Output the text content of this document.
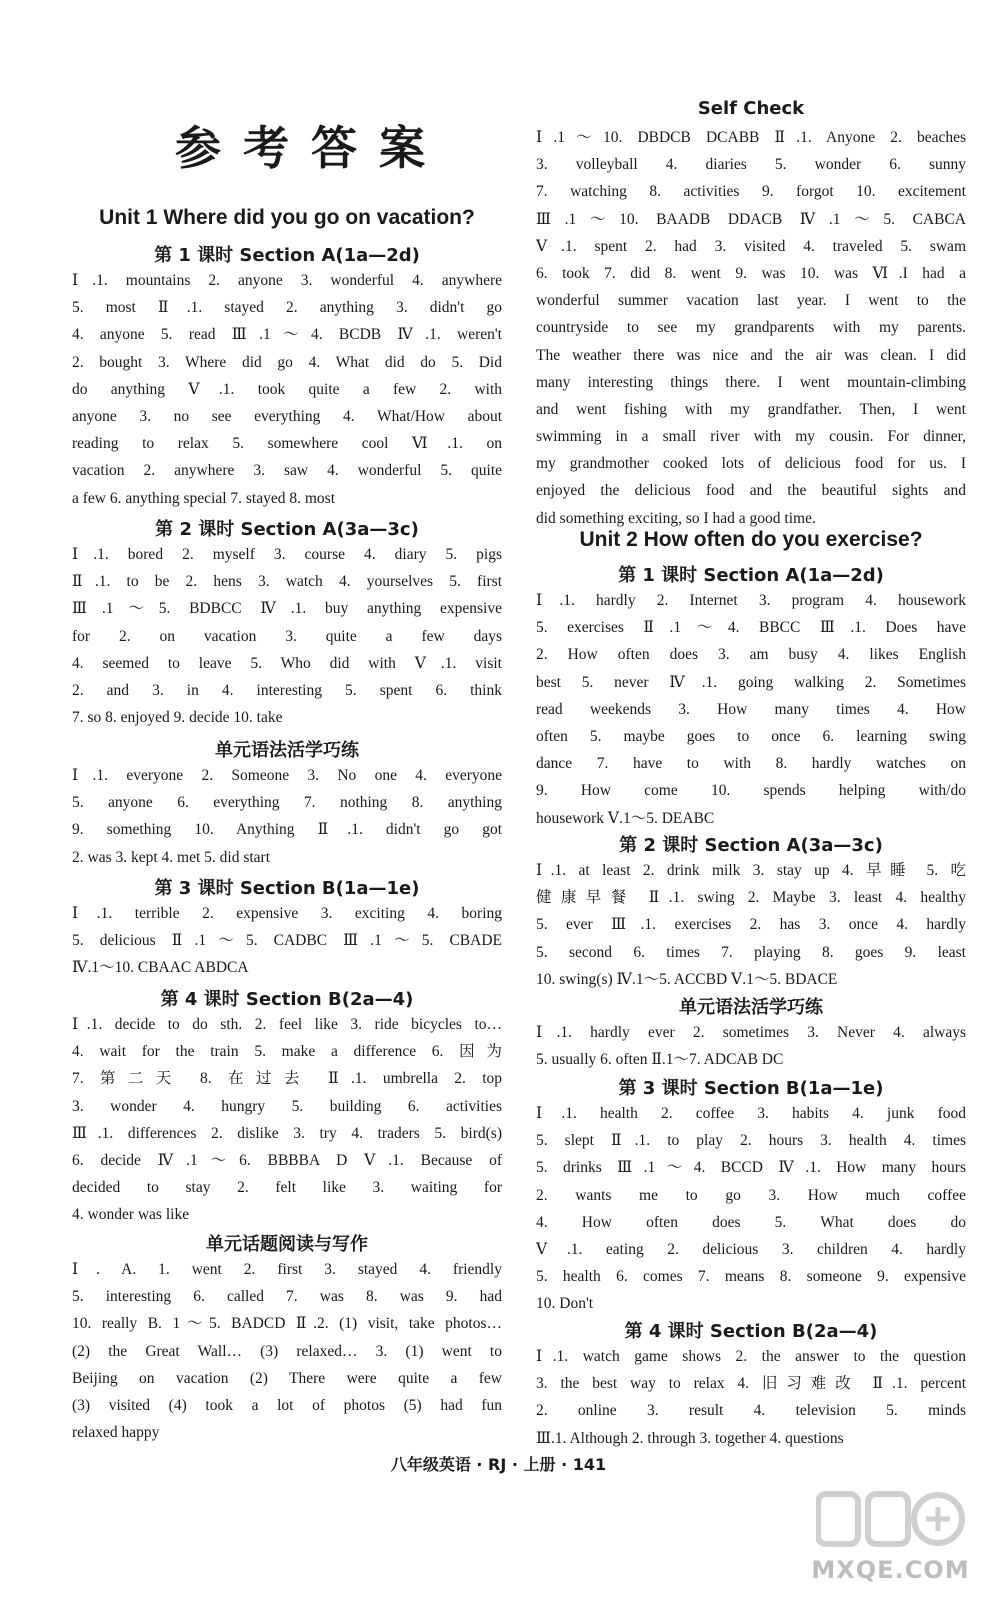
参考答案
Unit 1 Where did you go on vacation?
第 1 课时 Section A(1a—2d)
Ⅰ.1. mountains 2. anyone 3. wonderful 4. anywhere
5. most Ⅱ.1. stayed 2. anything 3. didn't go
4. anyone 5. read Ⅲ.1～4. BCDB Ⅳ.1. weren't
2. bought 3. Where did go 4. What did do 5. Did
do anything Ⅴ.1. took quite a few 2. with
anyone 3. no see everything 4. What/How about
reading to relax 5. somewhere cool Ⅵ.1. on
vacation 2. anywhere 3. saw 4. wonderful 5. quite
a few 6. anything special 7. stayed 8. most
第 2 课时 Section A(3a—3c)
Ⅰ.1. bored 2. myself 3. course 4. diary 5. pigs
Ⅱ.1. to be 2. hens 3. watch 4. yourselves 5. first
Ⅲ.1～5. BDBCC Ⅳ.1. buy anything expensive
for 2. on vacation 3. quite a few days
4. seemed to leave 5. Who did with Ⅴ.1. visit
2. and 3. in 4. interesting 5. spent 6. think
7. so 8. enjoyed 9. decide 10. take
单元语法活学巧练
Ⅰ.1. everyone 2. Someone 3. No one 4. everyone
5. anyone 6. everything 7. nothing 8. anything
9. something 10. Anything Ⅱ.1. didn't go got
2. was 3. kept 4. met 5. did start
第 3 课时 Section B(1a—1e)
Ⅰ.1. terrible 2. expensive 3. exciting 4. boring
5. delicious Ⅱ.1～5. CADBC Ⅲ.1～5. CBADE
Ⅳ.1～10. CBAAC ABDCA
第 4 课时 Section B(2a—4)
Ⅰ.1. decide to do sth. 2. feel like 3. ride bicycles to…
4. wait for the train 5. make a difference 6. 因为
7. 第二天 8. 在过去 Ⅱ.1. umbrella 2. top
3. wonder 4. hungry 5. building 6. activities
Ⅲ.1. differences 2. dislike 3. try 4. traders 5. bird(s)
6. decide Ⅳ.1～6. BBBBA D Ⅴ.1. Because of
decided to stay 2. felt like 3. waiting for
4. wonder was like
单元话题阅读与写作
Ⅰ. A. 1. went 2. first 3. stayed 4. friendly
5. interesting 6. called 7. was 8. was 9. had
10. really B. 1～5. BADCD Ⅱ.2. (1) visit, take photos…
(2) the Great Wall… (3) relaxed… 3. (1) went to
Beijing on vacation (2) There were quite a few
(3) visited (4) took a lot of photos (5) had fun
relaxed happy
Self Check
Ⅰ.1～10. DBDCB DCABB Ⅱ.1. Anyone 2. beaches
3. volleyball 4. diaries 5. wonder 6. sunny
7. watching 8. activities 9. forgot 10. excitement
Ⅲ.1～10. BAADB DDACB Ⅳ.1～5. CABCA
Ⅴ.1. spent 2. had 3. visited 4. traveled 5. swam
6. took 7. did 8. went 9. was 10. was Ⅵ.I had a
wonderful summer vacation last year. I went to the
countryside to see my grandparents with my parents.
The weather there was nice and the air was clean. I did
many interesting things there. I went mountain-climbing
and went fishing with my grandfather. Then, I went
swimming in a small river with my cousin. For dinner,
my grandmother cooked lots of delicious food for us. I
enjoyed the delicious food and the beautiful sights and
did something exciting, so I had a good time.
Unit 2 How often do you exercise?
第 1 课时 Section A(1a—2d)
Ⅰ.1. hardly 2. Internet 3. program 4. housework
5. exercises Ⅱ.1～4. BBCC Ⅲ.1. Does have
2. How often does 3. am busy 4. likes English
best 5. never Ⅳ.1. going walking 2. Sometimes
read weekends 3. How many times 4. How
often 5. maybe goes to once 6. learning swing
dance 7. have to with 8. hardly watches on
9. How come 10. spends helping with/do
housework Ⅴ.1～5. DEABC
第 2 课时 Section A(3a—3c)
Ⅰ.1. at least 2. drink milk 3. stay up 4. 早睡 5. 吃
健康早餐 Ⅱ.1. swing 2. Maybe 3. least 4. healthy
5. ever Ⅲ.1. exercises 2. has 3. once 4. hardly
5. second 6. times 7. playing 8. goes 9. least
10. swing(s) Ⅳ.1～5. ACCBD Ⅴ.1～5. BDACE
单元语法活学巧练
Ⅰ.1. hardly ever 2. sometimes 3. Never 4. always
5. usually 6. often Ⅱ.1～7. ADCAB DC
第 3 课时 Section B(1a—1e)
Ⅰ.1. health 2. coffee 3. habits 4. junk food
5. slept Ⅱ.1. to play 2. hours 3. health 4. times
5. drinks Ⅲ.1～4. BCCD Ⅳ.1. How many hours
2. wants me to go 3. How much coffee
4. How often does 5. What does do
Ⅴ.1. eating 2. delicious 3. children 4. hardly
5. health 6. comes 7. means 8. someone 9. expensive
10. Don't
第 4 课时 Section B(2a—4)
Ⅰ.1. watch game shows 2. the answer to the question
3. the best way to relax 4. 旧习难改 Ⅱ.1. percent
2. online 3. result 4. television 5. minds
Ⅲ.1. Although 2. through 3. together 4. questions
八年级英语 · RJ · 上册 · 141
MXQE.COM
